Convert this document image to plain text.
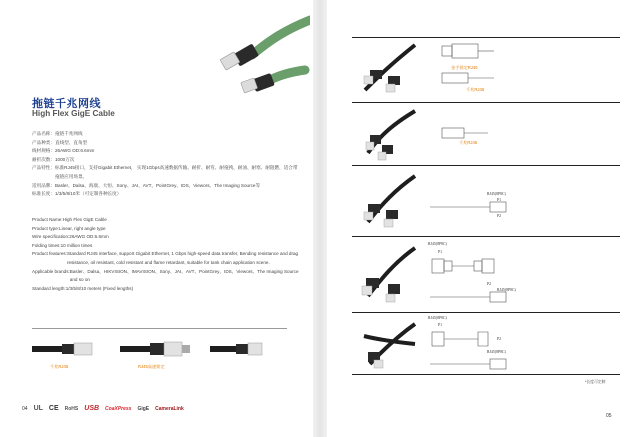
拖链千兆网线
High Flex GigE Cable
产品名称： 拖链千兆网线
产品种类： 直线型、直角型
线材规格： 26AWG OD:6.6mm
耐折次数： 1000万次
产品特性： 标准RJ45接口，支持Gigabit Ethernet， 实现1Gbps高速数据传输。耐折、耐弯、耐拖拽、耐油、耐寒、耐阻燃，适合带拖链应用场景。
适用品牌： Basler、Dalsa、海康、大恒、Sony、JAI、AVT、PointGrey、IDS、Viewors、The Imaging Source等
标准长度： 1/3/5/8/10米（可定制各种长度）
Product Name: High Flex GigE Cable
Product type: Linear, right angle type
Wire specification: 26AWG OD:6.6mm
Folding times: 10 million times
Product features: Standard RJ45 interface, support Gigabit Ethernet, 1 Gbps high-speed data transfer, Bending resistance and drag resistance, oil resistant, cold resistant and flame retardant, suitable for tank chain application scene.
Applicable brands: Basler、Dalsa、HIKVISION、IMAVISION、Sony、JAI、AVT、PointGrey、IDS、Viewors、The Imaging Source and so on
Standard length: 1/3/5/8/10 meters (Fixed lengths)
千兆RJ45	RJ45高速锁定
04 UL CE RoHS USB CoaXPress GigE CameraLink
金手锁定RJ45
千兆RJ45
千兆RJ45
RJ45(8P8C)
P1
P2
RJ45(8P8C)
P1
P2
RJ45(8P8C)
RJ45(8P8C)
P1
RJ45(8P8C)
P2
*长度可定制
05
